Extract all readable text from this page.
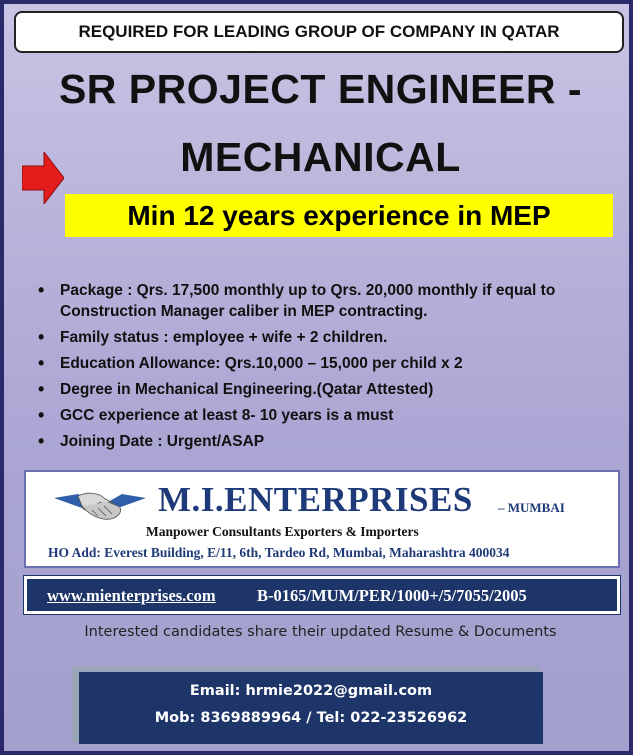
REQUIRED FOR LEADING GROUP OF COMPANY IN QATAR
SR PROJECT ENGINEER -
MECHANICAL
Min 12 years experience in MEP
• Package : Qrs. 17,500 monthly up to Qrs. 20,000 monthly if equal to Construction Manager caliber in MEP contracting.
• Family status : employee + wife + 2 children.
• Education Allowance: Qrs.10,000 – 15,000 per child x 2
• Degree in Mechanical Engineering.(Qatar Attested)
• GCC experience at least 8- 10 years is a must
• Joining Date : Urgent/ASAP
M.I.ENTERPRISES – MUMBAI
Manpower Consultants Exporters & Importers
HO Add: Everest Building, E/11, 6th, Tardeo Rd, Mumbai, Maharashtra 400034
www.mienterprises.com	B-0165/MUM/PER/1000+/5/7055/2005
Interested candidates share their updated Resume & Documents
Email: hrmie2022@gmail.com
Mob: 8369889964 / Tel: 022-23526962
